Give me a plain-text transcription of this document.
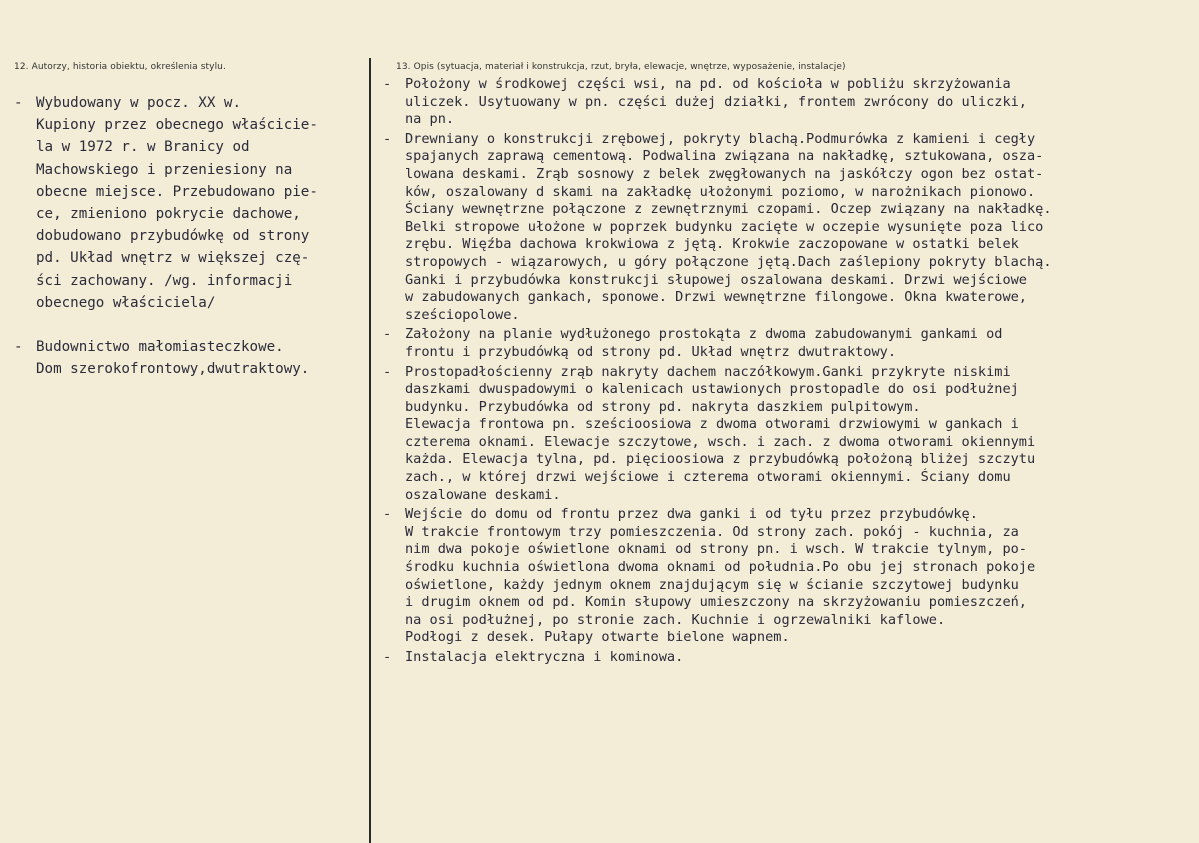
12. Autorzy, historia obiektu, określenia stylu.	13. Opis (sytuacja, materiał i konstrukcja, rzut, bryła, elewacje, wnętrze, wyposażenie, instalacje)
- Wybudowany w pocz. XX w.
Kupiony przez obecnego właściciе-
la w 1972 r. w Branicy od
Machowskiego i przeniesiony na
obecne miejsce. Przebudowano pie-
ce, zmieniono pokrycie dachowe,
dobudowano przybudówkę od strony
pd. Układ wnętrz w większej czę-
ści zachowany. /wg. informacji
obecnego właściciela/
- Budownictwo małomiasteczkowe.
Dom szerokofrontowy,dwutraktowy.
-	Położony w środkowej części wsi, na pd. od kościoła w pobliżu skrzyżowania
uliczek. Usytuowany w pn. części dużej działki, frontem zwrócony do uliczki,
na pn.
-	Drewniany o konstrukcji zrębowej, pokryty blachą.Podmurówka z kamieni i cegły
spajanych zaprawą cementową. Podwalina związana na nakładkę, sztukowana, osza-
lowana deskami. Zrąb sosnowy z belek zwęgłowanych na jaskółczy ogon bez ostat-
ków, oszalowany d skami na zakładkę ułożonymi poziomo, w narożnikach pionowo.
Ściany wewnętrzne połączone z zewnętrznymi czopami. Oczep związany na nakładkę.
Belki stropowe ułożone w poprzek budynku zacięte w oczepie wysunięte poza lico
zrębu. Więźba dachowa krokwiowa z jętą. Krokwie zaczopowane w ostatki belek
stropowych - wiązarowych, u góry połączone jętą.Dach zaślepiony pokryty blachą.
Ganki i przybudówka konstrukcji słupowej oszalowana deskami. Drzwi wejściowe
w zabudowanych gankach, sponowe. Drzwi wewnętrzne filongowe. Okna kwaterowe,
sześciopolowe.
-	Założony na planie wydłużonego prostokąta z dwoma zabudowanymi gankami od
frontu i przybudówką od strony pd. Układ wnętrz dwutraktowy.
-	Prostopadłościenny zrąb nakryty dachem naczółkowym.Ganki przykryte niskimi
daszkami dwuspadowymi o kalenicach ustawionych prostopadle do osi podłużnej
budynku. Przybudówka od strony pd. nakryta daszkiem pulpitowym.
Elewacja frontowa pn. sześcioosiowa z dwoma otworami drzwiowymi w gankach i
czterema oknami. Elewacje szczytowe, wsch. i zach. z dwoma otworami okiennymi
każda. Elewacja tylna, pd. pięcioosiowa z przybudówką położoną bliżej szczytu
zach., w której drzwi wejściowe i czterema otworami okiennymi. Ściany domu
oszalowane deskami.
-	Wejście do domu od frontu przez dwa ganki i od tyłu przez przybudówkę.
W trakcie frontowym trzy pomieszczenia. Od strony zach. pokój - kuchnia, za
nim dwa pokoje oświetlone oknami od strony pn. i wsch. W trakcie tylnym, po-
środku kuchnia oświetlona dwoma oknami od południa.Po obu jej stronach pokoje
oświetlone, każdy jednym oknem znajdującym się w ścianie szczytowej budynku
i drugim oknem od pd. Komin słupowy umieszczony na skrzyżowaniu pomieszczeń,
na osi podłużnej, po stronie zach. Kuchnie i ogrzewalniki kaflowe.
Podłogi z desek. Pułapy otwarte bielone wapnem.
-	Instalacja elektryczna i kominowa.
